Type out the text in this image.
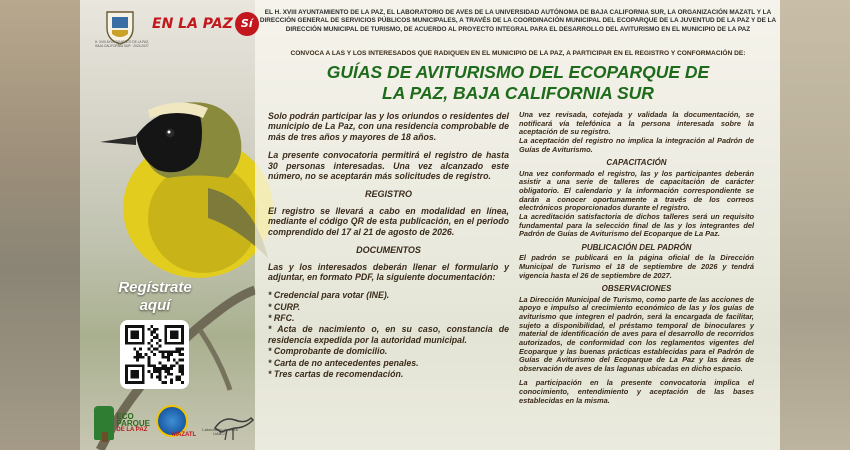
H. XVIII AYUNTAMIENTO DE LA PAZ, BAJA CALIFORNIA SUR · 2024-2027
EN LA PAZ Sí
EL H. XVIII AYUNTAMIENTO DE LA PAZ, EL LABORATORIO DE AVES DE LA UNIVERSIDAD AUTÓNOMA DE BAJA CALIFORNIA SUR, LA ORGANIZACIÓN MAZATL Y LA DIRECCIÓN GENERAL DE SERVICIOS PÚBLICOS MUNICIPALES, A TRAVÉS DE LA COORDINACIÓN MUNICIPAL DEL ECOPARQUE DE LA JUVENTUD DE LA PAZ Y DE LA DIRECCIÓN MUNICIPAL DE TURISMO, DE ACUERDO AL PROYECTO INTEGRAL PARA EL DESARROLLO DEL AVITURISMO EN EL MUNICIPIO DE LA PAZ
CONVOCA A LAS Y LOS INTERESADOS QUE RADIQUEN EN EL MUNICIPIO DE LA PAZ, A PARTICIPAR EN EL REGISTRO Y CONFORMACIÓN DE:
GUÍAS DE AVITURISMO DEL ECOPARQUE DE
LA PAZ, BAJA CALIFORNIA SUR

Solo podrán participar las y los oriundos o residentes del municipio de La Paz, con una residencia comprobable de más de tres años y mayores de 18 años.

La presente convocatoria permitirá el registro de hasta 30 personas interesadas. Una vez alcanzado este número, no se aceptarán más solicitudes de registro.

REGISTRO

El registro se llevará a cabo en modalidad en línea, mediante el código QR de esta publicación, en el periodo comprendido del 17 al 21 de agosto de 2026.

DOCUMENTOS

Las y los interesados deberán llenar el formulario y adjuntar, en formato PDF, la siguiente documentación:

* Credencial para votar (INE).
* CURP.
* RFC.
* Acta de nacimiento o, en su caso, constancia de residencia expedida por la autoridad municipal.
* Comprobante de domicilio.
* Carta de no antecedentes penales.
* Tres cartas de recomendación.

Una vez revisada, cotejada y validada la documentación, se notificará vía telefónica a la persona interesada sobre la aceptación de su registro.

La aceptación del registro no implica la integración al Padrón de Guías de Aviturismo.

CAPACITACIÓN

Una vez conformado el registro, las y los participantes deberán asistir a una serie de talleres de capacitación de carácter obligatorio. El calendario y la información correspondiente se darán a conocer oportunamente a través de los correos electrónicos proporcionados durante el registro.

La acreditación satisfactoria de dichos talleres será un requisito fundamental para la selección final de las y los integrantes del Padrón de Guías de Aviturismo del Ecoparque de La Paz.

PUBLICACIÓN DEL PADRÓN

El padrón se publicará en la página oficial de la Dirección Municipal de Turismo el 18 de septiembre de 2026 y tendrá vigencia hasta el 26 de septiembre de 2027.

OBSERVACIONES

La Dirección Municipal de Turismo, como parte de las acciones de apoyo e impulso al crecimiento económico de las y los guías de aviturismo que integren el padrón, será la encargada de facilitar, sujeto a disponibilidad, el préstamo temporal de binoculares y material de identificación de aves para el desarrollo de recorridos autorizados, de conformidad con los reglamentos vigentes del Ecoparque y las buenas prácticas establecidas para el Padrón de Guías de Aviturismo del Ecoparque de La Paz y las áreas de observación de aves de las lagunas ubicadas en dicho espacio.

La participación en la presente convocatoria implica el conocimiento, entendimiento y aceptación de las bases establecidas en la misma.

Regístrate
aquí
ECO
PARQUE
DE LA PAZ
MAZATL
Laboratorio de Aves UABCS
